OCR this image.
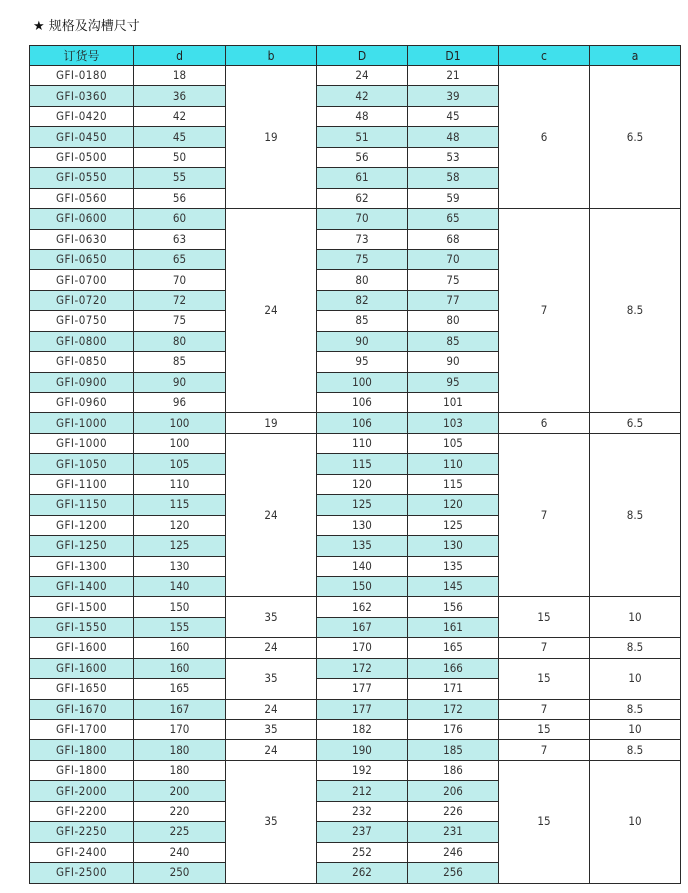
★ 规格及沟槽尺寸
订货号	d	b	D	D1	c	a
GFI-0180	18	19	24	21	6	6.5
GFI-0360	36		42	39		
GFI-0420	42		48	45		
GFI-0450	45		51	48		
GFI-0500	50		56	53		
GFI-0550	55		61	58		
GFI-0560	56		62	59		
GFI-0600	60	24	70	65	7	8.5
GFI-0630	63		73	68		
GFI-0650	65		75	70		
GFI-0700	70		80	75		
GFI-0720	72		82	77		
GFI-0750	75		85	80		
GFI-0800	80		90	85		
GFI-0850	85		95	90		
GFI-0900	90		100	95		
GFI-0960	96		106	101		
GFI-1000	100	19	106	103	6	6.5
GFI-1000	100	24	110	105	7	8.5
GFI-1050	105		115	110		
GFI-1100	110		120	115		
GFI-1150	115		125	120		
GFI-1200	120		130	125		
GFI-1250	125		135	130		
GFI-1300	130		140	135		
GFI-1400	140		150	145		
GFI-1500	150	35	162	156	15	10
GFI-1550	155		167	161		
GFI-1600	160	24	170	165	7	8.5
GFI-1600	160	35	172	166	15	10
GFI-1650	165		177	171		
GFI-1670	167	24	177	172	7	8.5
GFI-1700	170	35	182	176	15	10
GFI-1800	180	24	190	185	7	8.5
GFI-1800	180	35	192	186	15	10
GFI-2000	200		212	206		
GFI-2200	220		232	226		
GFI-2250	225		237	231		
GFI-2400	240		252	246		
GFI-2500	250		262	256		
